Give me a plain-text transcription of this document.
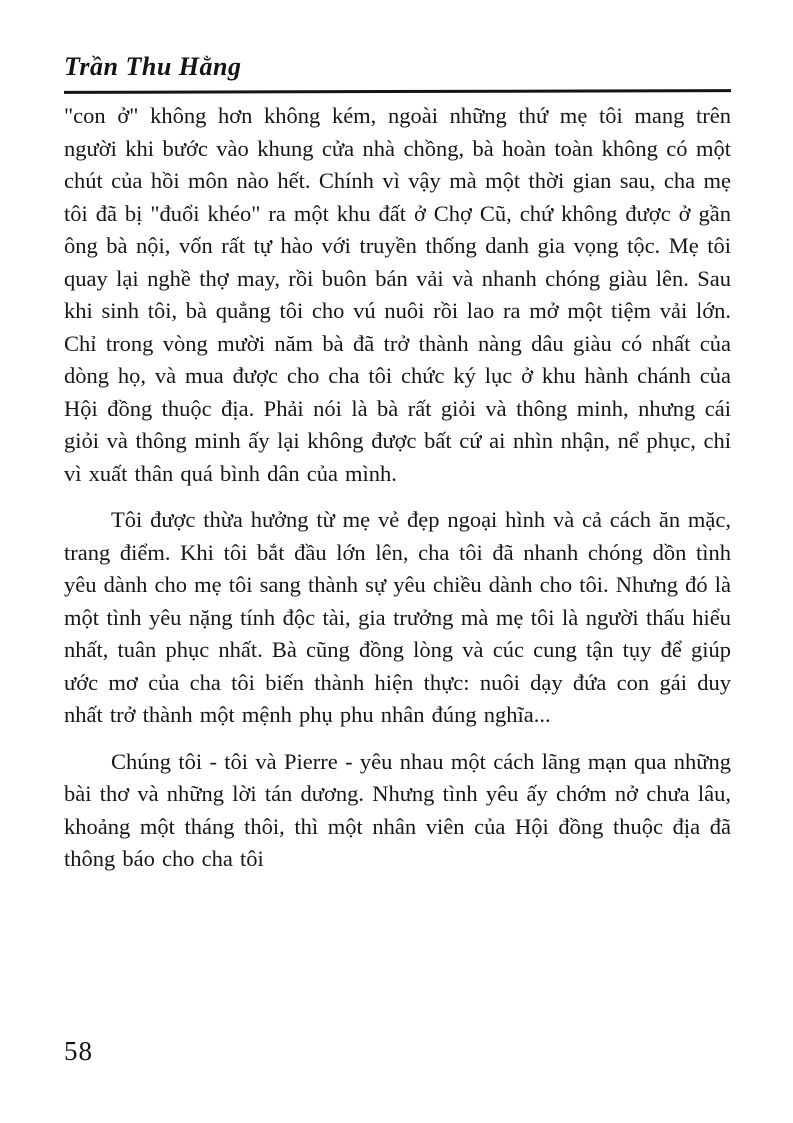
Trần Thu Hằng

"con ở" không hơn không kém, ngoài những thứ mẹ tôi mang trên người khi bước vào khung cửa nhà chồng, bà hoàn toàn không có một chút của hồi môn nào hết. Chính vì vậy mà một thời gian sau, cha mẹ tôi đã bị "đuổi khéo" ra một khu đất ở Chợ Cũ, chứ không được ở gần ông bà nội, vốn rất tự hào với truyền thống danh gia vọng tộc. Mẹ tôi quay lại nghề thợ may, rồi buôn bán vải và nhanh chóng giàu lên. Sau khi sinh tôi, bà quẳng tôi cho vú nuôi rồi lao ra mở một tiệm vải lớn. Chỉ trong vòng mười năm bà đã trở thành nàng dâu giàu có nhất của dòng họ, và mua được cho cha tôi chức ký lục ở khu hành chánh của Hội đồng thuộc địa. Phải nói là bà rất giỏi và thông minh, nhưng cái giỏi và thông minh ấy lại không được bất cứ ai nhìn nhận, nể phục, chỉ vì xuất thân quá bình dân của mình.

Tôi được thừa hưởng từ mẹ vẻ đẹp ngoại hình và cả cách ăn mặc, trang điểm. Khi tôi bắt đầu lớn lên, cha tôi đã nhanh chóng dồn tình yêu dành cho mẹ tôi sang thành sự yêu chiều dành cho tôi. Nhưng đó là một tình yêu nặng tính độc tài, gia trưởng mà mẹ tôi là người thấu hiểu nhất, tuân phục nhất. Bà cũng đồng lòng và cúc cung tận tụy để giúp ước mơ của cha tôi biến thành hiện thực: nuôi dạy đứa con gái duy nhất trở thành một mệnh phụ phu nhân đúng nghĩa...

Chúng tôi - tôi và Pierre - yêu nhau một cách lãng mạn qua những bài thơ và những lời tán dương. Nhưng tình yêu ấy chớm nở chưa lâu, khoảng một tháng thôi, thì một nhân viên của Hội đồng thuộc địa đã thông báo cho cha tôi

58
